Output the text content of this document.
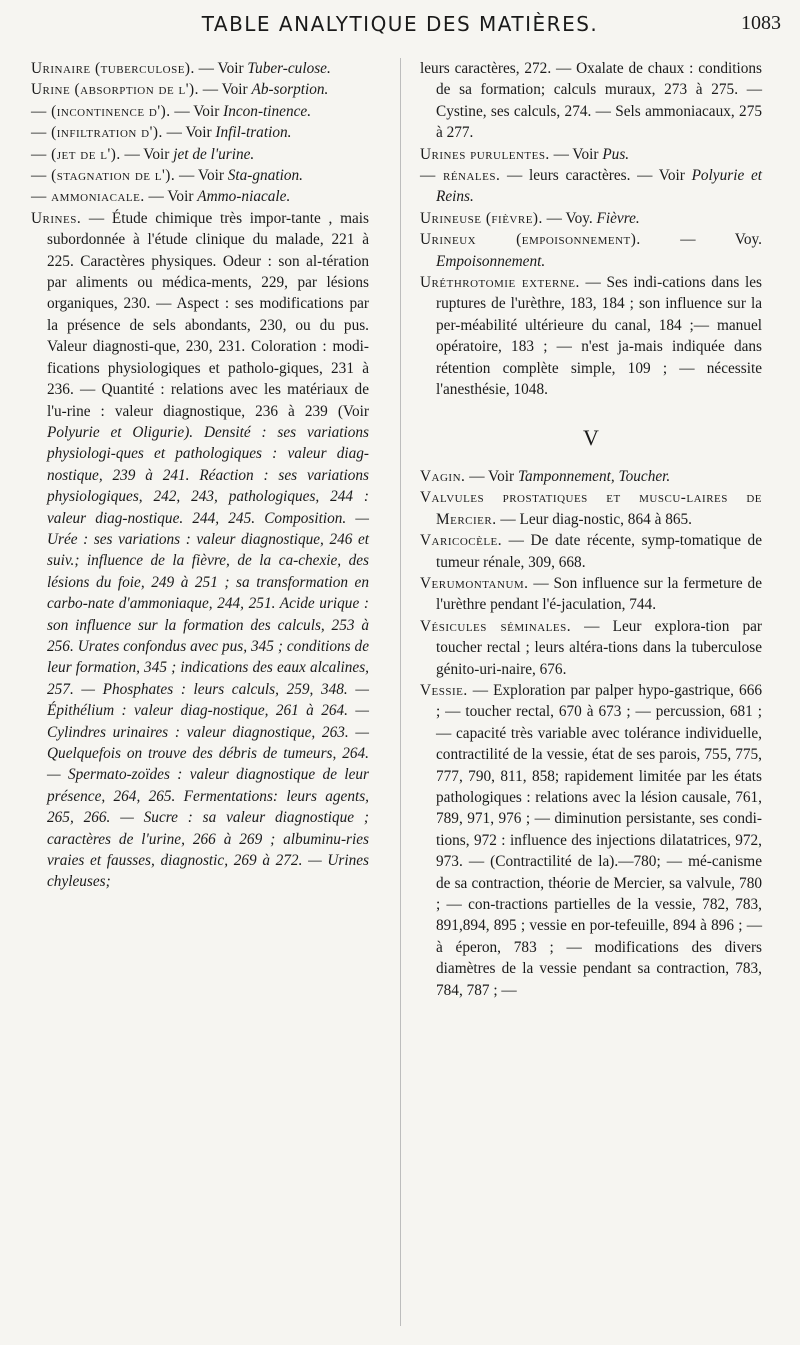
TABLE ANALYTIQUE DES MATIÈRES.	1083

Urinaire (tuberculose). — Voir Tuber-culose.

Urine (absorption de l'). — Voir Ab-sorption.

— (incontinence d'). — Voir Incon-tinence.

— (infiltration d'). — Voir Infil-tration.

— (jet de l'). — Voir jet de l'urine.

— (stagnation de l'). — Voir Sta-gnation.

— ammoniacale. — Voir Ammo-niacale.

Urines. — Étude chimique très impor-tante , mais subordonnée à l'étude clinique du malade, 221 à 225. Caractères physiques. Odeur : son al-tération par aliments ou médica-ments, 229, par lésions organiques, 230. — Aspect : ses modifications par la présence de sels abondants, 230, ou du pus. Valeur diagnosti-que, 230, 231. Coloration : modi-fications physiologiques et patholo-giques, 231 à 236. — Quantité : relations avec les matériaux de l'u-rine : valeur diagnostique, 236 à 239 (Voir Polyurie et Oligurie). Densité : ses variations physiologi-ques et pathologiques : valeur diag-nostique, 239 à 241. Réaction : ses variations physiologiques, 242, 243, pathologiques, 244 : valeur diag-nostique. 244, 245. Composition. — Urée : ses variations : valeur diagnostique, 246 et suiv.; influence de la fièvre, de la ca-chexie, des lésions du foie, 249 à 251 ; sa transformation en carbo-nate d'ammoniaque, 244, 251. Acide urique : son influence sur la formation des calculs, 253 à 256. Urates confondus avec pus, 345 ; conditions de leur formation, 345 ; indications des eaux alcalines, 257. — Phosphates : leurs calculs, 259, 348. — Épithélium : valeur diag-nostique, 261 à 264. — Cylindres urinaires : valeur diagnostique, 263. — Quelquefois on trouve des débris de tumeurs, 264. — Spermato-zoïdes : valeur diagnostique de leur présence, 264, 265. Fermentations: leurs agents, 265, 266. — Sucre : sa valeur diagnostique ; caractères de l'urine, 266 à 269 ; albuminu-ries vraies et fausses, diagnostic, 269 à 272. — Urines chyleuses;

leurs caractères, 272. — Oxalate de chaux : conditions de sa formation; calculs muraux, 273 à 275. — Cystine, ses calculs, 274. — Sels ammoniacaux, 275 à 277.

Urines purulentes. — Voir Pus.

— rénales. — leurs caractères. — Voir Polyurie et Reins.

Urineuse (fièvre). — Voy. Fièvre.

Urineux (empoisonnement). — Voy. Empoisonnement.

Uréthrotomie externe. — Ses indi-cations dans les ruptures de l'urèthre, 183, 184 ; son influence sur la per-méabilité ultérieure du canal, 184 ;— manuel opératoire, 183 ; — n'est ja-mais indiquée dans rétention complète simple, 109 ; — nécessite l'anesthésie, 1048.

V

Vagin. — Voir Tamponnement, Toucher.

Valvules prostatiques et muscu-laires de Mercier. — Leur diag-nostic, 864 à 865.

Varicocèle. — De date récente, symp-tomatique de tumeur rénale, 309, 668.

Verumontanum. — Son influence sur la fermeture de l'urèthre pendant l'é-jaculation, 744.

Vésicules séminales. — Leur explora-tion par toucher rectal ; leurs altéra-tions dans la tuberculose génito-uri-naire, 676.

Vessie. — Exploration par palper hypo-gastrique, 666 ; — toucher rectal, 670 à 673 ; — percussion, 681 ; — capacité très variable avec tolérance individuelle, contractilité de la vessie, état de ses parois, 755, 775, 777, 790, 811, 858; rapidement limitée par les états pathologiques : relations avec la lésion causale, 761, 789, 971, 976 ; — diminution persistante, ses condi-tions, 972 : influence des injections dilatatrices, 972, 973. — (Contractilité de la).—780; — mé-canisme de sa contraction, théorie de Mercier, sa valvule, 780 ; — con-tractions partielles de la vessie, 782, 783, 891,894, 895 ; vessie en por-tefeuille, 894 à 896 ; — à éperon, 783 ; — modifications des divers diamètres de la vessie pendant sa contraction, 783, 784, 787 ; —
